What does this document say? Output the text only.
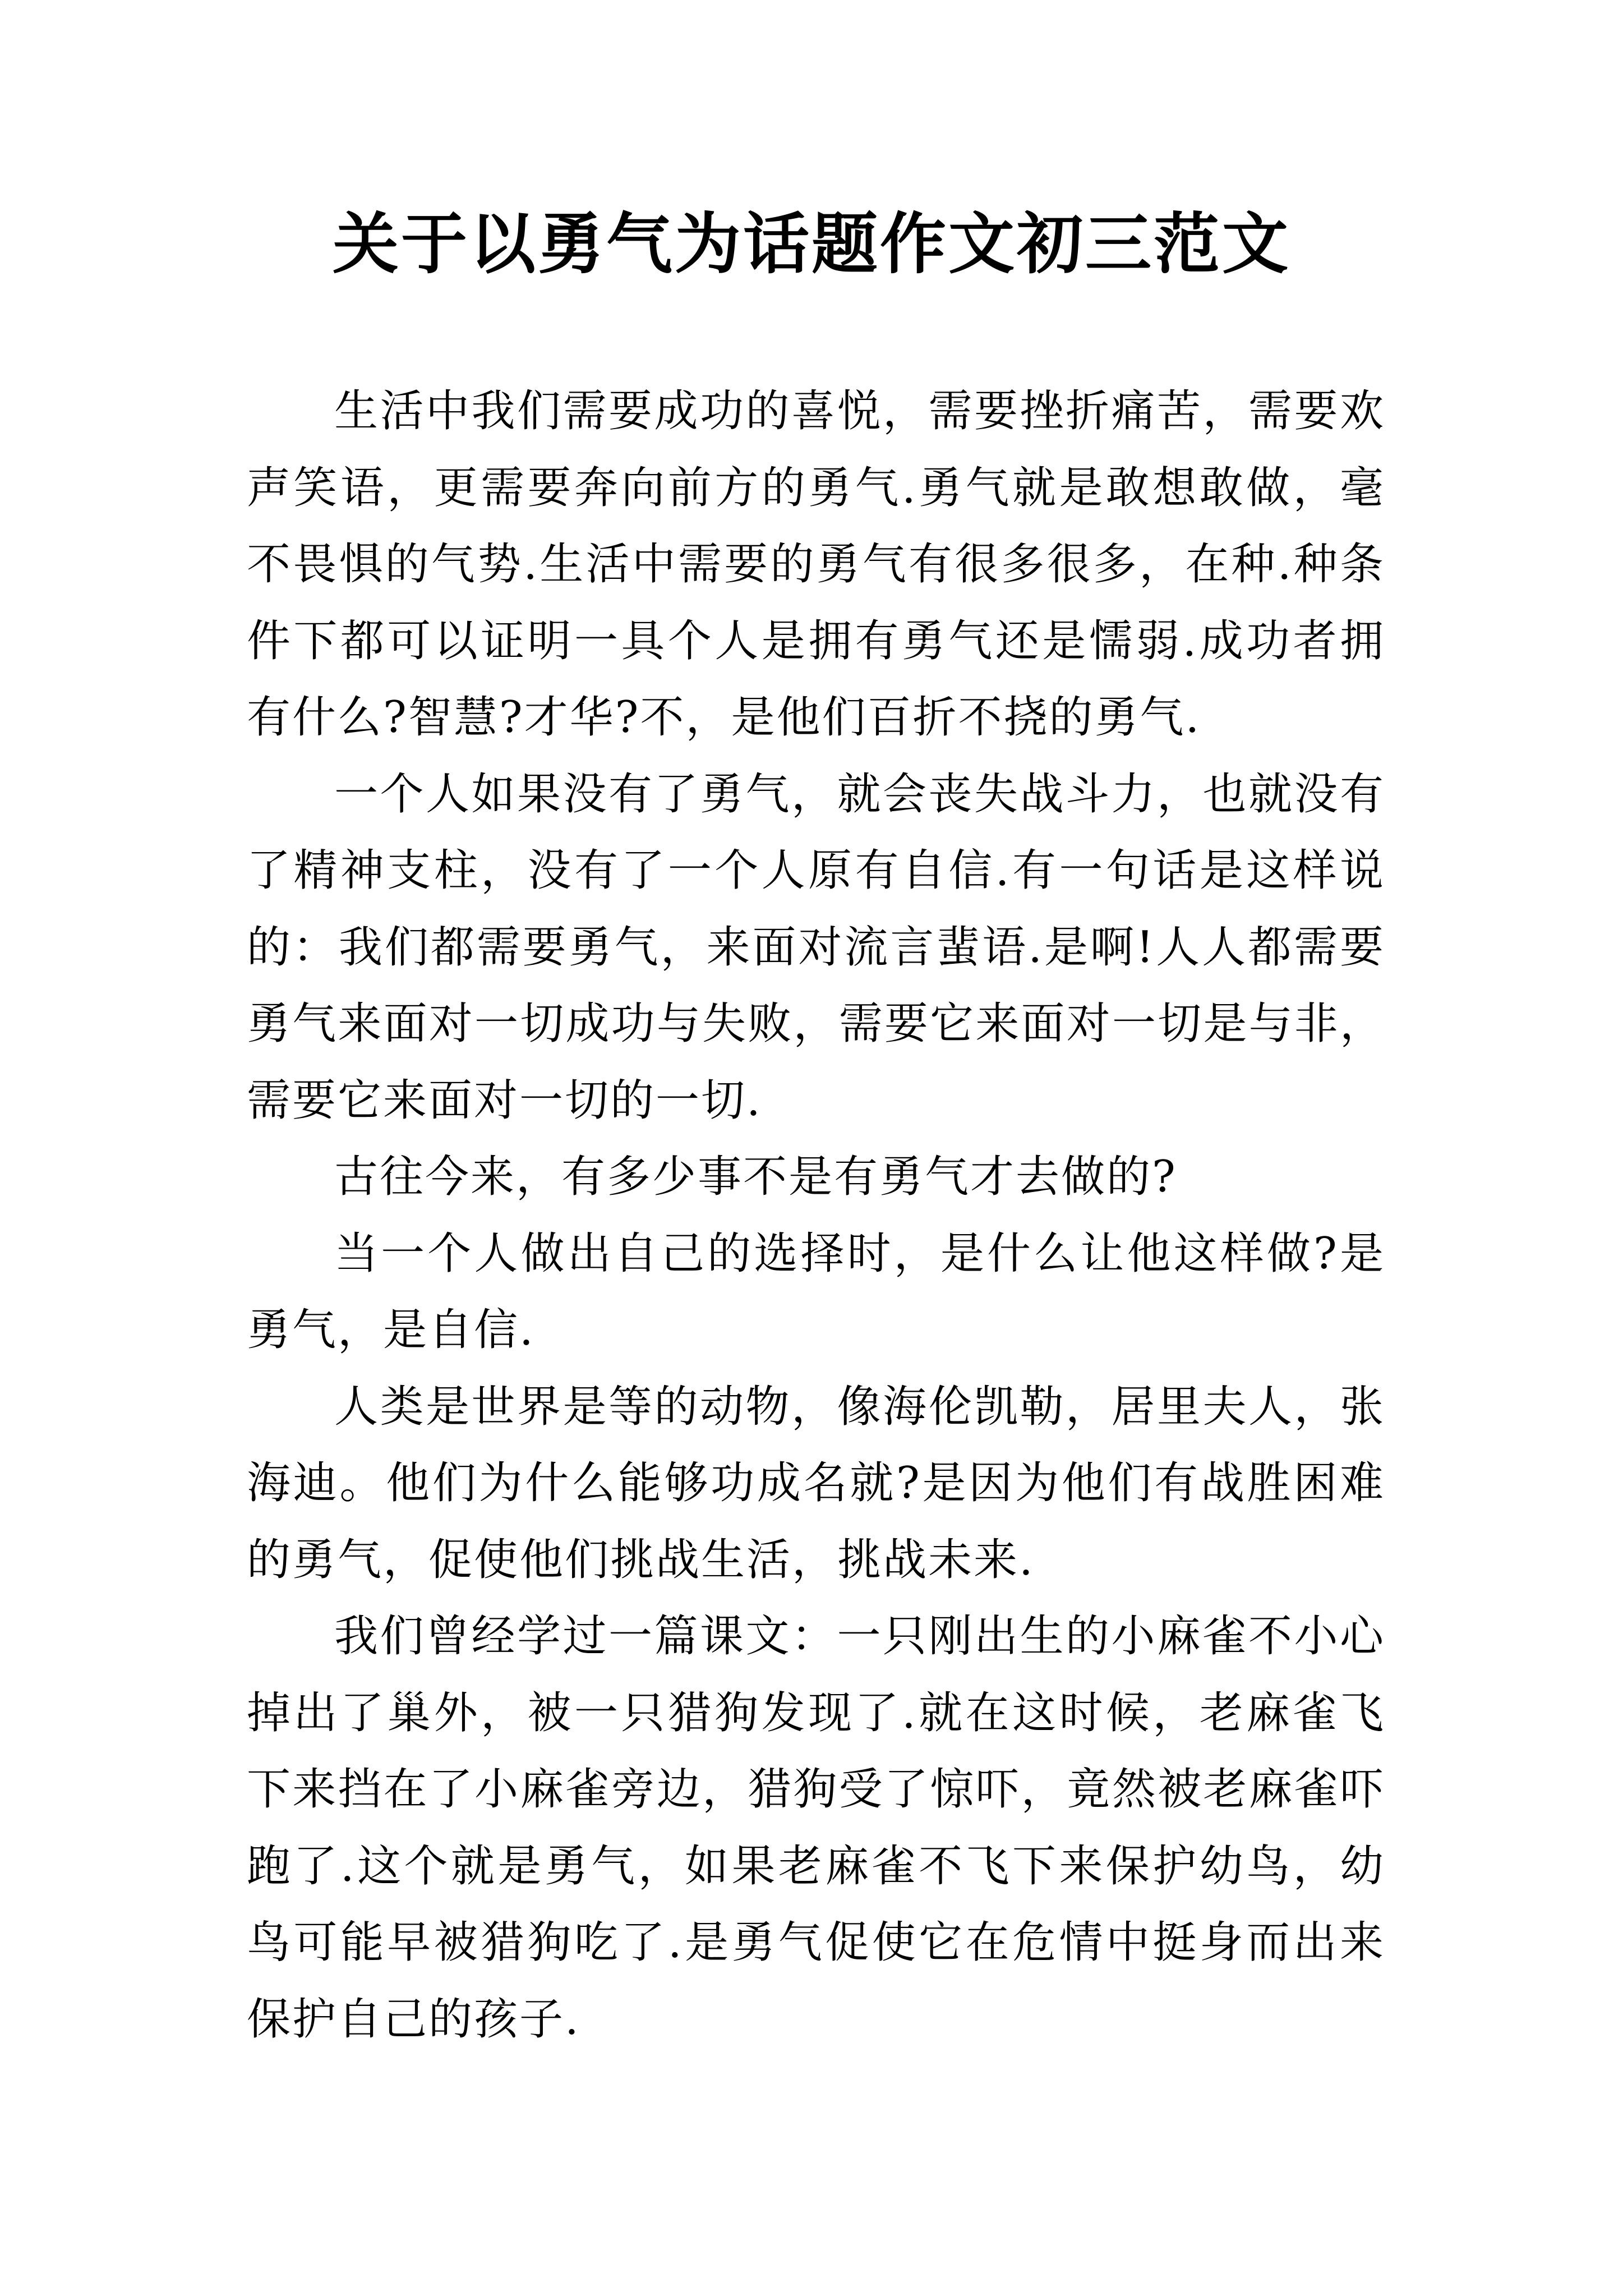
关于以勇气为话题作文初三范文

生活中我们需要成功的喜悦，需要挫折痛苦，需要欢声笑语，更需要奔向前方的勇气.勇气就是敢想敢做，毫不畏惧的气势.生活中需要的勇气有很多很多，在种.种条件下都可以证明一具个人是拥有勇气还是懦弱.成功者拥有什么?智慧?才华?不，是他们百折不挠的勇气.

一个人如果没有了勇气，就会丧失战斗力，也就没有了精神支柱，没有了一个人原有自信.有一句话是这样说的：我们都需要勇气，来面对流言蜚语.是啊!人人都需要勇气来面对一切成功与失败，需要它来面对一切是与非，需要它来面对一切的一切.

古往今来，有多少事不是有勇气才去做的?

当一个人做出自己的选择时，是什么让他这样做?是勇气，是自信.

人类是世界是等的动物，像海伦凯勒，居里夫人，张海迪。他们为什么能够功成名就?是因为他们有战胜困难的勇气，促使他们挑战生活，挑战未来.

我们曾经学过一篇课文：一只刚出生的小麻雀不小心掉出了巢外，被一只猎狗发现了.就在这时候，老麻雀飞下来挡在了小麻雀旁边，猎狗受了惊吓，竟然被老麻雀吓跑了.这个就是勇气，如果老麻雀不飞下来保护幼鸟，幼鸟可能早被猎狗吃了.是勇气促使它在危情中挺身而出来保护自己的孩子.
